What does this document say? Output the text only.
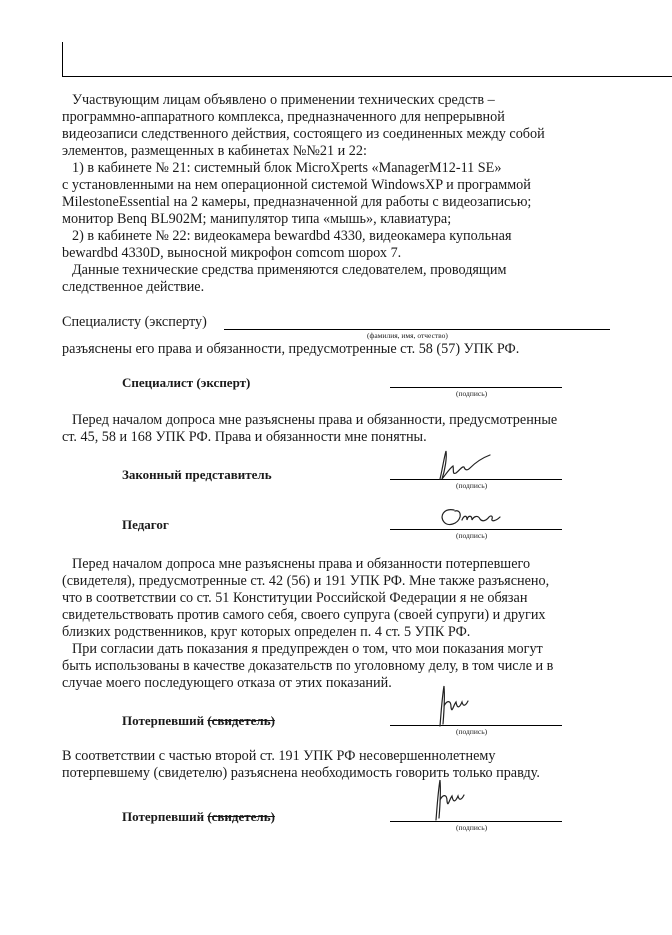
Участвующим лицам объявлено о применении технических средств –
программно-аппаратного комплекса, предназначенного для непрерывной
видеозаписи следственного действия, состоящего из соединенных между собой
элементов, размещенных в кабинетах №№21 и 22:

1) в кабинете № 21: системный блок MicroXperts «ManagerM12-11 SE»
с установленными на нем операционной системой WindowsXP и программой
MilestoneEssential на 2 камеры, предназначенной для работы с видеозаписью;
монитор Benq BL902M; манипулятор типа «мышь», клавиатура;

2) в кабинете № 22: видеокамера bewardbd 4330, видеокамера купольная
bewardbd 4330D, выносной микрофон comcom шорох 7.

Данные технические средства применяются следователем, проводящим
следственное действие.

Специалисту (эксперту)
(фамилия, имя, отчество)

разъяснены его права и обязанности, предусмотренные ст. 58 (57) УПК РФ.

Специалист (эксперт)
(подпись)

Перед началом допроса мне разъяснены права и обязанности, предусмотренные
ст. 45, 58 и 168 УПК РФ. Права и обязанности мне понятны.

Законный представитель
(подпись)
Педагог
(подпись)

Перед началом допроса мне разъяснены права и обязанности потерпевшего
(свидетеля), предусмотренные ст. 42 (56) и 191 УПК РФ. Мне также разъяснено,
что в соответствии со ст. 51 Конституции Российской Федерации я не обязан
свидетельствовать против самого себя, своего супруга (своей супруги) и других
близких родственников, круг которых определен п. 4 ст. 5 УПК РФ.

При согласии дать показания я предупрежден о том, что мои показания могут
быть использованы в качестве доказательств по уголовному делу, в том числе и в
случае моего последующего отказа от этих показаний.

Потерпевший (свидетель)
(подпись)

В соответствии с частью второй ст. 191 УПК РФ несовершеннолетнему
потерпевшему (свидетелю) разъяснена необходимость говорить только правду.

Потерпевший (свидетель)
(подпись)
